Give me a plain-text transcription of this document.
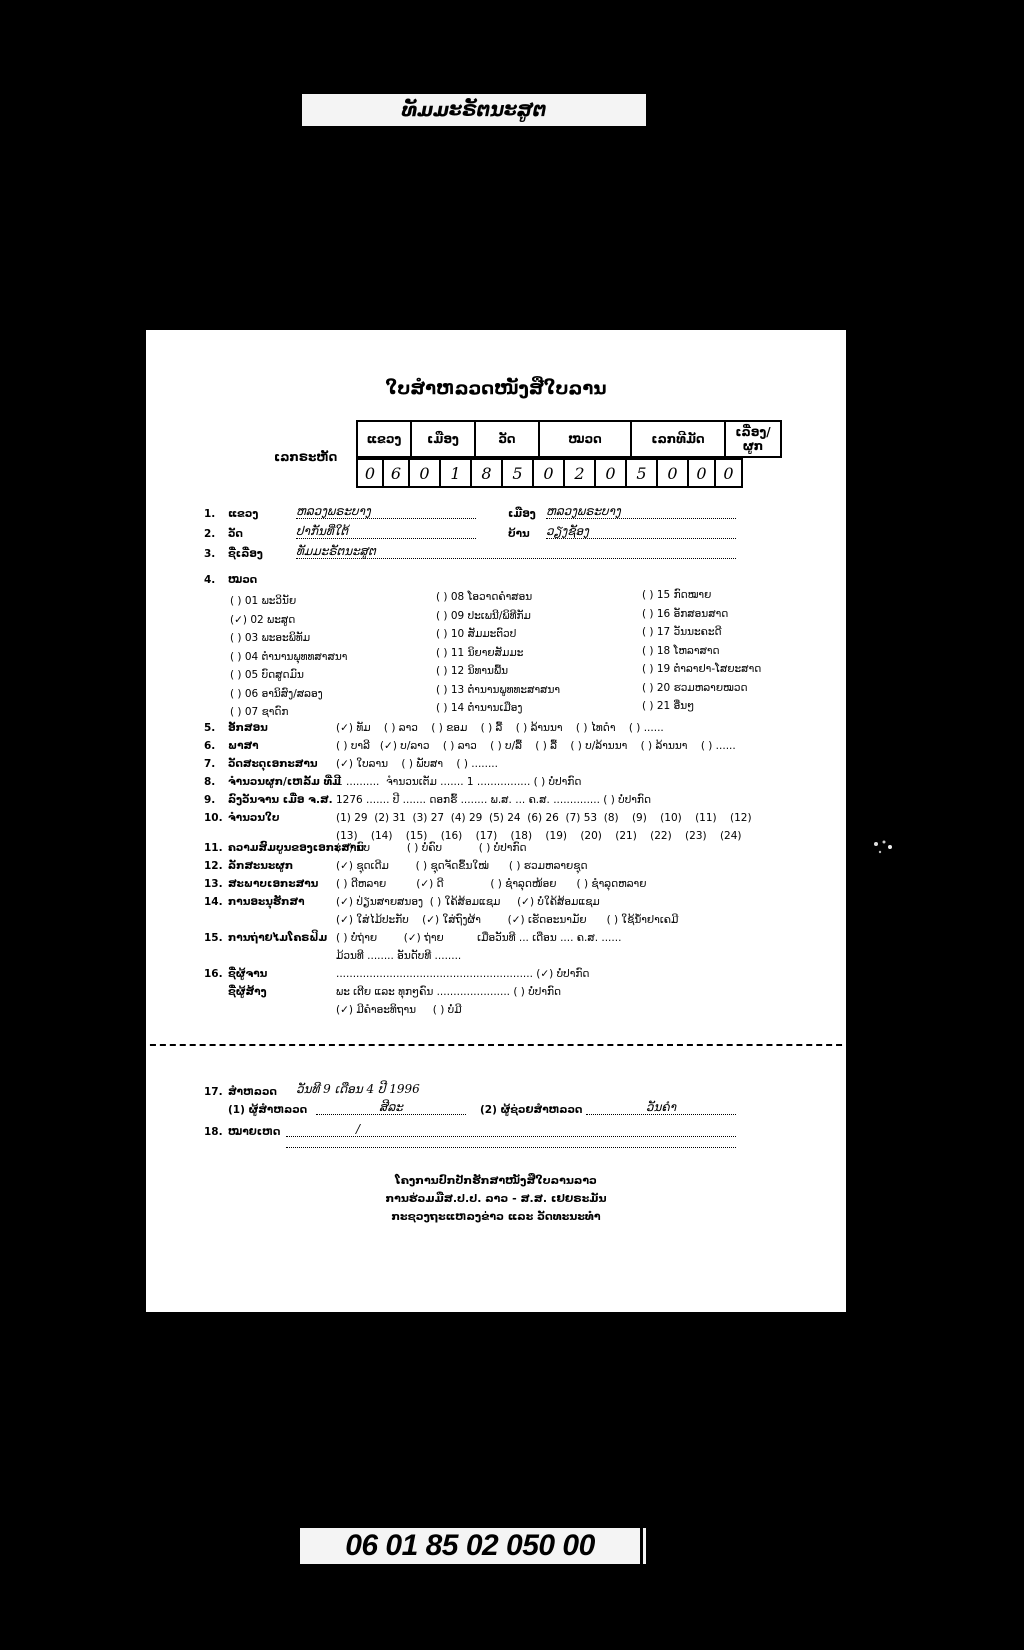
ທັມມະຣັຕນະສູຕ
ໃບສໍາຫລວດໜັງສືໃບລານ
ເລກຣະຫັດ
ແຂວງ	ເມືອງ	ວັດ	ໝວດ	ເລກທີມັດ	ເລື່ອງ/ຜູກ
0	6	0	1	8	5	0	2	0	5	0	0	0
1. ແຂວງ	ຫລວງພຣະບາງ	ເມືອງ ຫລວງພຣະບາງ
2. ວັດ	ປາກັນທີ່ໃຕ້	ບ້ານ ວຽງຊັອງ
3. ຊື່ເລື່ອງ	ທັມມະຣັຕນະສູຕ
4. ໝວດ
( ) 01 ພະວິນັຍ
(✓) 02 ພະສູດ
( ) 03 ພະອະພິທັມ
( ) 04 ຕໍານານພຸທທສາສນາ
( ) 05 ບົດສູດມົນ
( ) 06 ອານິສົງ/ສລອງ
( ) 07 ຊາດົກ
( ) 08 ໂອວາດຄໍາສອນ
( ) 09 ປະເພນີ/ພິທີກັມ
( ) 10 ສັມມະຕົວປ
( ) 11 ນິຍາຍສັມມະ
( ) 12 ນິທານພື້ນ
( ) 13 ຕໍານານພູທທະສາສນາ
( ) 14 ຕໍານານເມືອງ
( ) 15 ກົດໝາຍ
( ) 16 ອັກສອນສາດ
( ) 17 ວັນນະຄະດີ
( ) 18 ໂຫລາສາດ
( ) 19 ຕໍາລາຢາ-ໂສຍະສາດ
( ) 20 ຮວມຫລາຍໝວດ
( ) 21 ອື່ນໆ
5. ອັກສອນ	(✓) ທັມ    ( ) ລາວ    ( ) ຂອມ    ( ) ລື້    ( ) ລ້ານນາ    ( ) ໄທດໍາ    ( ) ......
6. ພາສາ	( ) ບາລີ   (✓) ບ/ລາວ    ( ) ລາວ    ( ) ບ/ລື້    ( ) ລື້    ( ) ບ/ລ້ານນາ    ( ) ລ້ານນາ    ( ) ......
7. ວັດສະດຸເອກະສານ (✓) ໃບລານ    ( ) ພັບສາ    ( ) ........
8. ຈໍານວນຜູກ/ເຫລັ້ມ ທີ່ມີ
1 ..........  ຈໍານວນເຕັມ ....... 1 ................ ( ) ບໍ່ປາກົດ
9. ລົງວັນຈານ ເມື່ອ ຈ.ສ. 1276 ....... ປີ ....... ດອກຮົ້ ........ ພ.ສ. ... ຄ.ສ. .............. ( ) ບໍ່ປາກົດ
10. ຈໍານວນໃບ	(1) 29  (2) 31  (3) 27  (4) 29  (5) 24  (6) 26  (7) 53  (8)    (9)    (10)    (11)    (12)
(13)    (14)    (15)    (16)    (17)    (18)    (19)    (20)    (21)    (22)    (23)    (24)
11. ຄວາມສົມບູນຂອງເອກະສານ
(✓) ຄົບ           ( ) ບໍ່ຄົບ           ( ) ບໍ່ປາກົດ
12. ລັກສະນະຜູກ	(✓) ຊຸດເດີມ        ( ) ຊຸດຈັດຂຶ້ນໃໝ່      ( ) ຮວມຫລາຍຊຸດ
13. ສະພາບເອກະສານ ( ) ດີຫລາຍ         (✓) ດີ              ( ) ຊໍາລຸດໜ້ອຍ      ( ) ຊໍາລຸດຫລາຍ
14. ການອະນຸຮັກສາ	(✓) ປ່ຽນສາຍສນອງ  ( ) ໃຄ້ສ້ອມແຊມ     (✓) ບໍ່ໃຄ້ສ້ອມແຊມ
(✓) ໃສ່ໄມ້ປະກັບ    (✓) ໃສ່ຖົງຜ້າ        (✓) ເຮັດອະນາມັຍ      ( ) ໃຊ້ນໍ້າຢາເຄມີ
15. ການຖ່າຍໄມໂຄຣຟິມ ( ) ບໍ່ຖ່າຍ        (✓) ຖ່າຍ          ເມື່ອວັນທີ ... ເດືອນ .... ຄ.ສ. ......
ມ້ວນທີ ........ ອັນດັບທີ ........
16. ຊື່ຜູ້ຈານ	........................................................... (✓) ບໍ່ປາກົດ
ຊື່ຜູ້ສ້າງ	ພະ ເຕີຍ ແລະ ທຸກໆຄົນ ...................... ( ) ບໍ່ປາກົດ
(✓) ມີຄໍາອະທິຖານ     ( ) ບໍ່ມີ
17. ສໍາຫລວດ ວັນທີ 9 ເດືອນ 4 ປີ 1996
(1) ຜູ້ສໍາຫລວດ	ສີລະ	(2) ຜູ້ຊ່ວຍສໍາຫລວດ	ວັນຄໍາ
18. ໝາຍເຫດ	/
ໂຄງການປົກປັກຮັກສາໜັງສືໃບລານລາວ
ການຮ່ວມມືສ.ປ.ປ. ລາວ - ສ.ສ. ເຢຍຣະມັນ
ກະຊວງຖະແຫລງຂ່າວ ແລະ ວັດທະນະທໍາ
06 01 85 02 050 00
